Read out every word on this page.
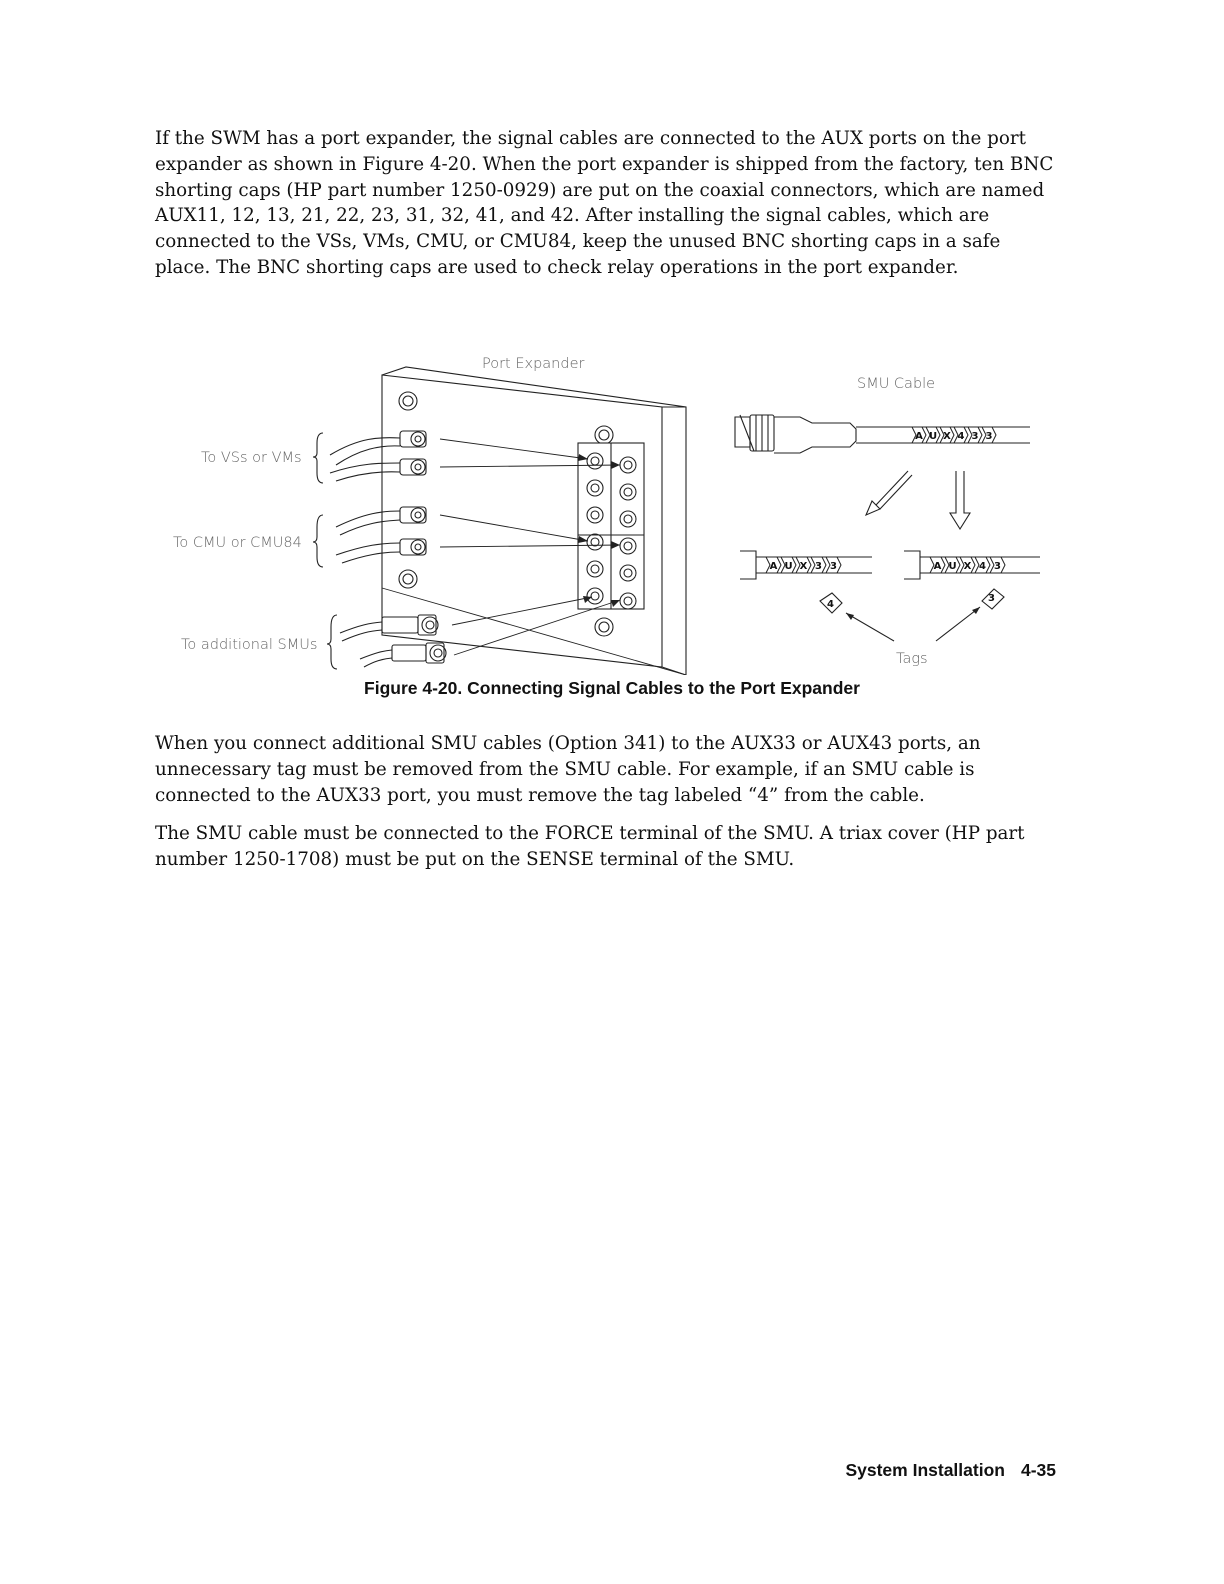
If the SWM has a port expander, the signal cables are connected to the AUX ports on the port expander as shown in Figure 4-20. When the port expander is shipped from the factory, ten BNC shorting caps (HP part number 1250-0929) are put on the coaxial connectors, which are named AUX11, 12, 13, 21, 22, 23, 31, 32, 41, and 42. After installing the signal cables, which are connected to the VSs, VMs, CMU, or CMU84, keep the unused BNC shorting caps in a safe place. The BNC shorting caps are used to check relay operations in the port expander.

A U X 4 3 3
A U X 3 3	A U X 4 3
Port Expander
SMU Cable
To VSs or VMs
To CMU or CMU84
To additional SMUs
Tags
4
3
Figure 4-20. Connecting Signal Cables to the Port Expander

When you connect additional SMU cables (Option 341) to the AUX33 or AUX43 ports, an unnecessary tag must be removed from the SMU cable. For example, if an SMU cable is connected to the AUX33 port, you must remove the tag labeled “4” from the cable.

The SMU cable must be connected to the FORCE terminal of the SMU. A triax cover (HP part number 1250-1708) must be put on the SENSE terminal of the SMU.

System Installation 4-35
